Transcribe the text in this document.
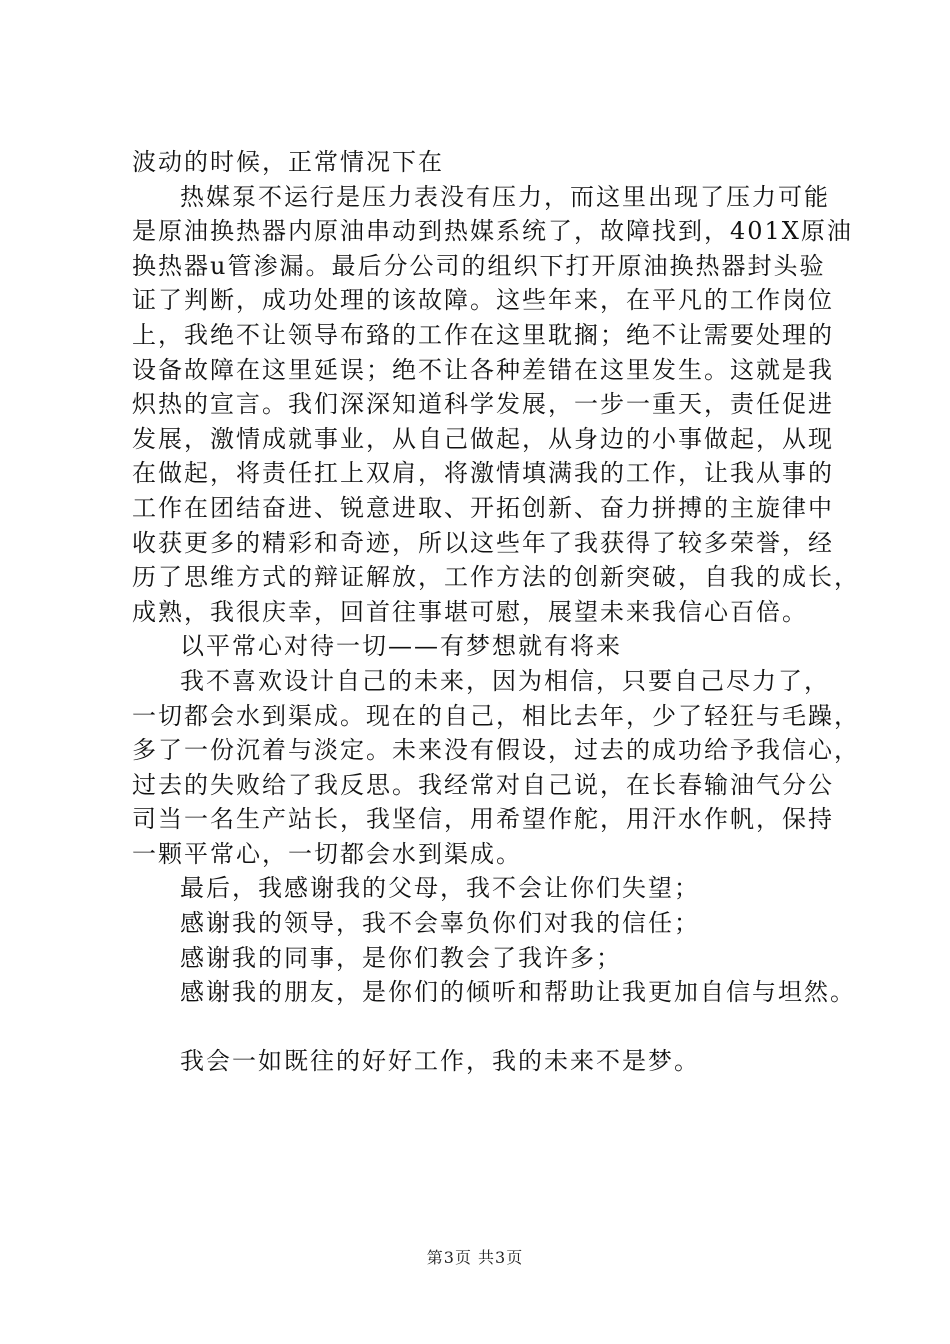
波动的时候，正常情况下在
热媒泵不运行是压力表没有压力，而这里出现了压力可能
是原油换热器内原油串动到热媒系统了，故障找到，401X原油
换热器u管渗漏。最后分公司的组织下打开原油换热器封头验
证了判断，成功处理的该故障。这些年来，在平凡的工作岗位
上，我绝不让领导布臵的工作在这里耽搁；绝不让需要处理的
设备故障在这里延误；绝不让各种差错在这里发生。这就是我
炽热的宣言。我们深深知道科学发展，一步一重天，责任促进
发展，激情成就事业，从自己做起，从身边的小事做起，从现
在做起，将责任扛上双肩，将激情填满我的工作，让我从事的
工作在团结奋进、锐意进取、开拓创新、奋力拼搏的主旋律中
收获更多的精彩和奇迹，所以这些年了我获得了较多荣誉，经
历了思维方式的辩证解放，工作方法的创新突破，自我的成长，
成熟，我很庆幸，回首往事堪可慰，展望未来我信心百倍。
以平常心对待一切——有梦想就有将来
我不喜欢设计自己的未来，因为相信，只要自己尽力了，
一切都会水到渠成。现在的自己，相比去年，少了轻狂与毛躁，
多了一份沉着与淡定。未来没有假设，过去的成功给予我信心，
过去的失败给了我反思。我经常对自己说，在长春输油气分公
司当一名生产站长，我坚信，用希望作舵，用汗水作帆，保持
一颗平常心，一切都会水到渠成。
最后，我感谢我的父母，我不会让你们失望；
感谢我的领导，我不会辜负你们对我的信任；
感谢我的同事，是你们教会了我许多；
感谢我的朋友，是你们的倾听和帮助让我更加自信与坦然。
我会一如既往的好好工作，我的未来不是梦。
第3页 共3页
